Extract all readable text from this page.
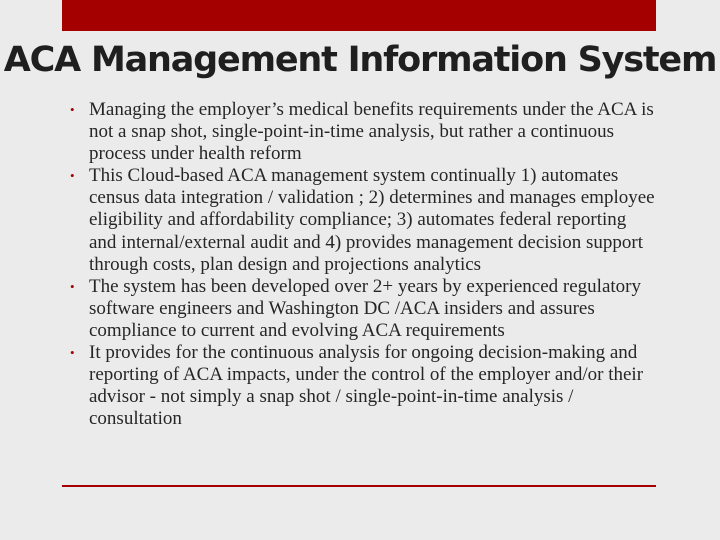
ACA Management Information System
• Managing the employer’s medical benefits requirements under the ACA is not a snap shot, single-point-in-time analysis, but rather a continuous process under health reform
• This Cloud-based ACA management system continually 1) automates census data integration / validation ; 2) determines and manages employee eligibility and affordability compliance; 3) automates federal reporting and internal/external audit and 4) provides management decision support through costs, plan design and projections analytics
• The system has been developed over 2+ years by experienced regulatory software engineers and Washington DC /ACA insiders and assures compliance to current and evolving ACA requirements
• It provides for the continuous analysis for ongoing decision-making and reporting of ACA impacts, under the control of the employer and/or their advisor - not simply a snap shot / single-point-in-time analysis / consultation
